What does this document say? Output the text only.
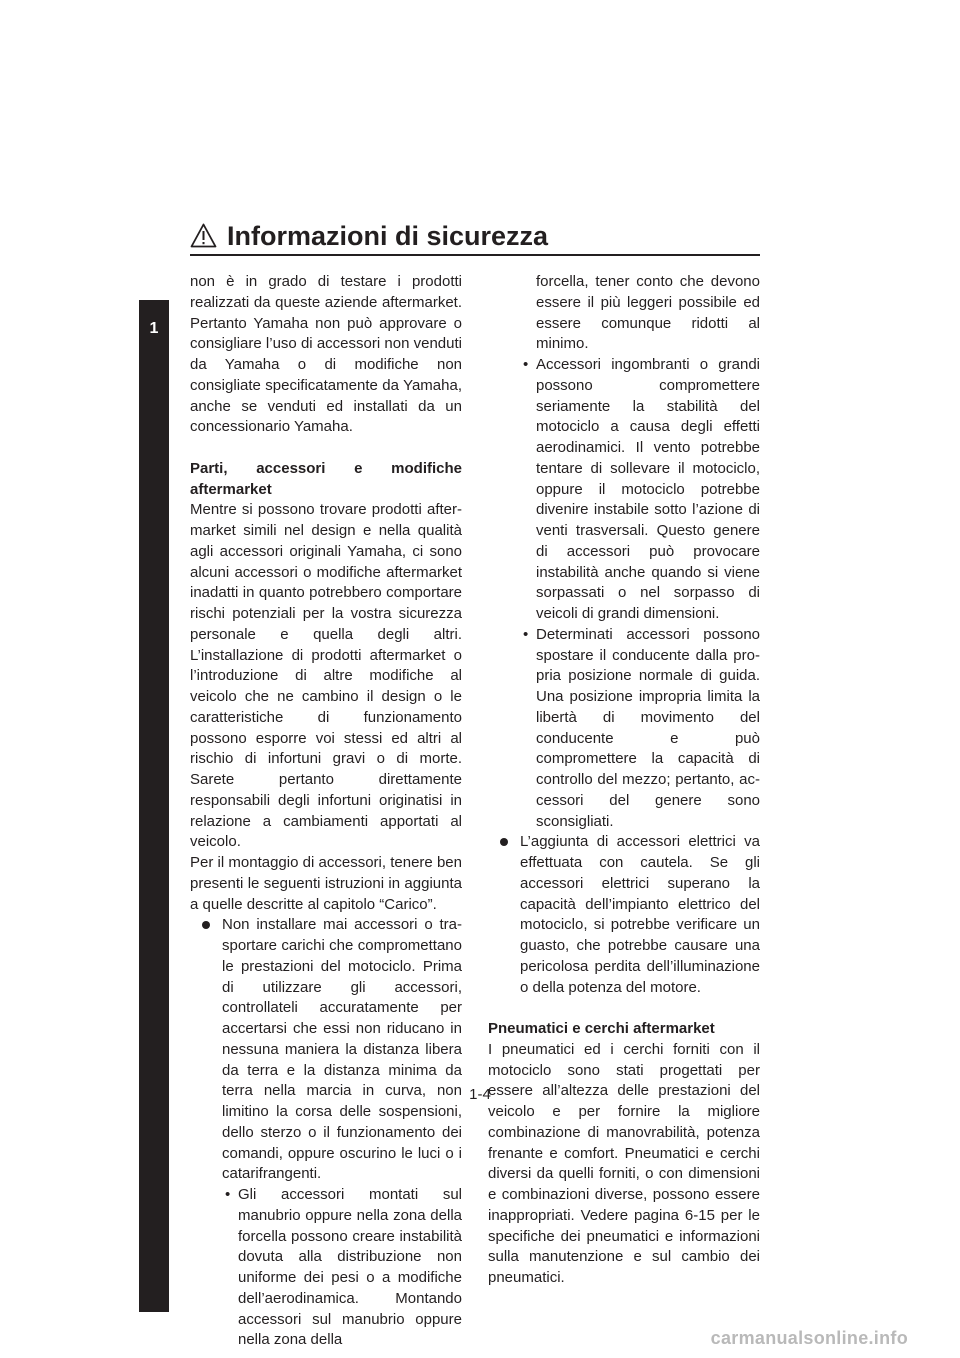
Informazioni di sicurezza
1

non è in grado di testare i prodotti realizzati da queste aziende aftermarket. Pertanto Yamaha non può approvare o consigliare l’uso di accessori non venduti da Yamaha o di modifiche non consigliate specificatamente da Yamaha, anche se venduti ed installati da un concessionario Yamaha.

Parti, accessori e modifiche aftermarket

Mentre si possono trovare prodotti aftermarket simili nel design e nella qualità agli accessori originali Yamaha, ci sono alcuni accessori o modifiche aftermarket inadatti in quanto potrebbero comportare rischi potenziali per la vostra sicurezza personale e quella degli altri. L’installazione di prodotti aftermarket o l’introduzione di altre modifiche al veicolo che ne cambino il design o le caratteristiche di funzionamento possono esporre voi stessi ed altri al rischio di infortuni gravi o di morte. Sarete pertanto direttamente responsabili degli infortuni originatisi in relazione a cambiamenti apportati al veicolo.

Per il montaggio di accessori, tenere ben presenti le seguenti istruzioni in aggiunta a quelle descritte al capitolo “Carico”.

Non installare mai accessori o trasportare carichi che compromettano le prestazioni del motociclo. Prima di utilizzare gli accessori, controllateli accuratamente per accertarsi che essi non riducano in nessuna maniera la distanza libera da terra e la distanza minima da terra nella marcia in curva, non limitino la corsa delle sospensioni, dello sterzo o il funzionamento dei comandi, oppure oscurino le luci o i catarifrangenti.

• Gli accessori montati sul manubrio oppure nella zona della forcella possono creare instabilità dovuta alla distribuzione non uniforme dei pesi o a modifiche dell’aerodinamica. Montando accessori sul manubrio oppure nella zona della

forcella, tener conto che devono essere il più leggeri possibile ed essere comunque ridotti al minimo.

• Accessori ingombranti o grandi possono compromettere seriamente la stabilità del motociclo a causa degli effetti aerodinamici. Il vento potrebbe tentare di sollevare il motociclo, oppure il motociclo potrebbe divenire instabile sotto l’azione di venti trasversali. Questo genere di accessori può provocare instabilità anche quando si viene sorpassati o nel sorpasso di veicoli di grandi dimensioni.

• Determinati accessori possono spostare il conducente dalla propria posizione normale di guida. Una posizione impropria limita la libertà di movimento del conducente e può compromettere la capacità di controllo del mezzo; pertanto, accessori del genere sono sconsigliati.

L’aggiunta di accessori elettrici va effettuata con cautela. Se gli accessori elettrici superano la capacità dell’impianto elettrico del motociclo, si potrebbe verificare un guasto, che potrebbe causare una pericolosa perdita dell’illuminazione o della potenza del motore.

Pneumatici e cerchi aftermarket

I pneumatici ed i cerchi forniti con il motociclo sono stati progettati per essere all’altezza delle prestazioni del veicolo e per fornire la migliore combinazione di manovrabilità, potenza frenante e comfort. Pneumatici e cerchi diversi da quelli forniti, o con dimensioni e combinazioni diverse, possono essere inappropriati. Vedere pagina 6-15 per le specifiche dei pneumatici e informazioni sulla manutenzione e sul cambio dei pneumatici.

1-4
carmanualsonline.info
